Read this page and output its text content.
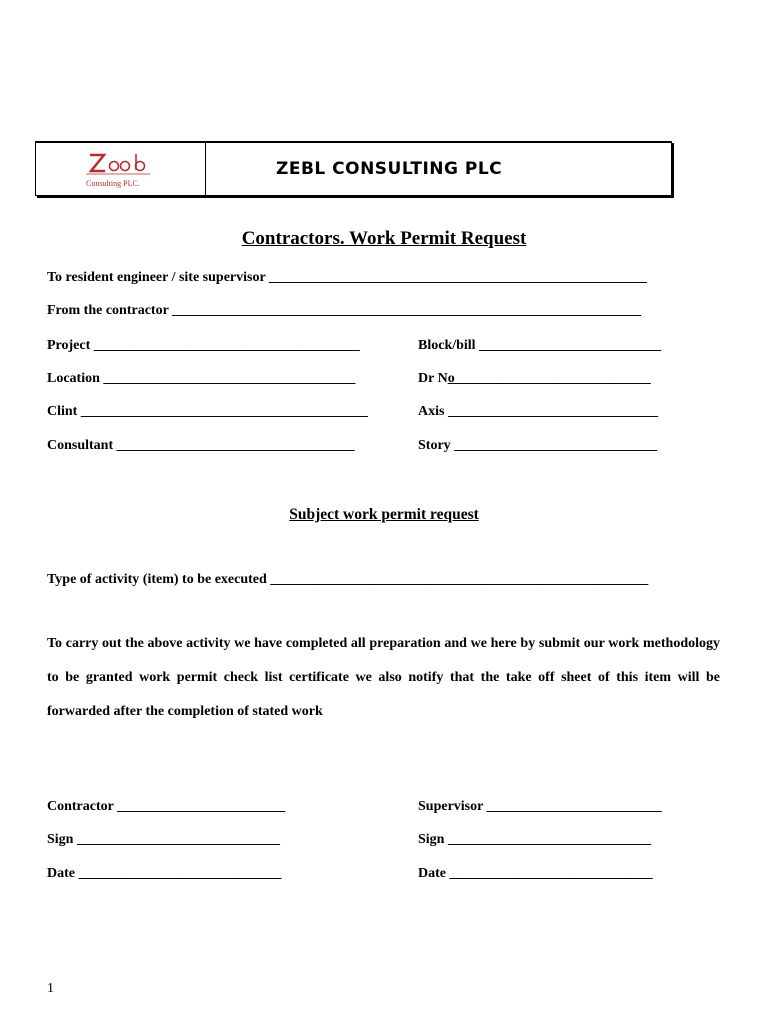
Consulting PLC.
ZEBL CONSULTING PLC
Contractors. Work Permit Request
To resident engineer / site supervisor ______________________________________________________
From the contractor ___________________________________________________________________
Project ______________________________________	Block/bill __________________________
Location ____________________________________	Dr No____________________________
Clint _________________________________________	Axis ______________________________
Consultant __________________________________	Story _____________________________
Subject work permit request
Type of activity (item) to be executed ______________________________________________________
To carry out the above activity we have completed all preparation and we here by submit our work methodology to be granted work permit check list certificate we also notify that the take off sheet of this item will be forwarded after the completion of stated work
Contractor ________________________	Supervisor _________________________
Sign _____________________________	Sign _____________________________
Date _____________________________	Date _____________________________
1
